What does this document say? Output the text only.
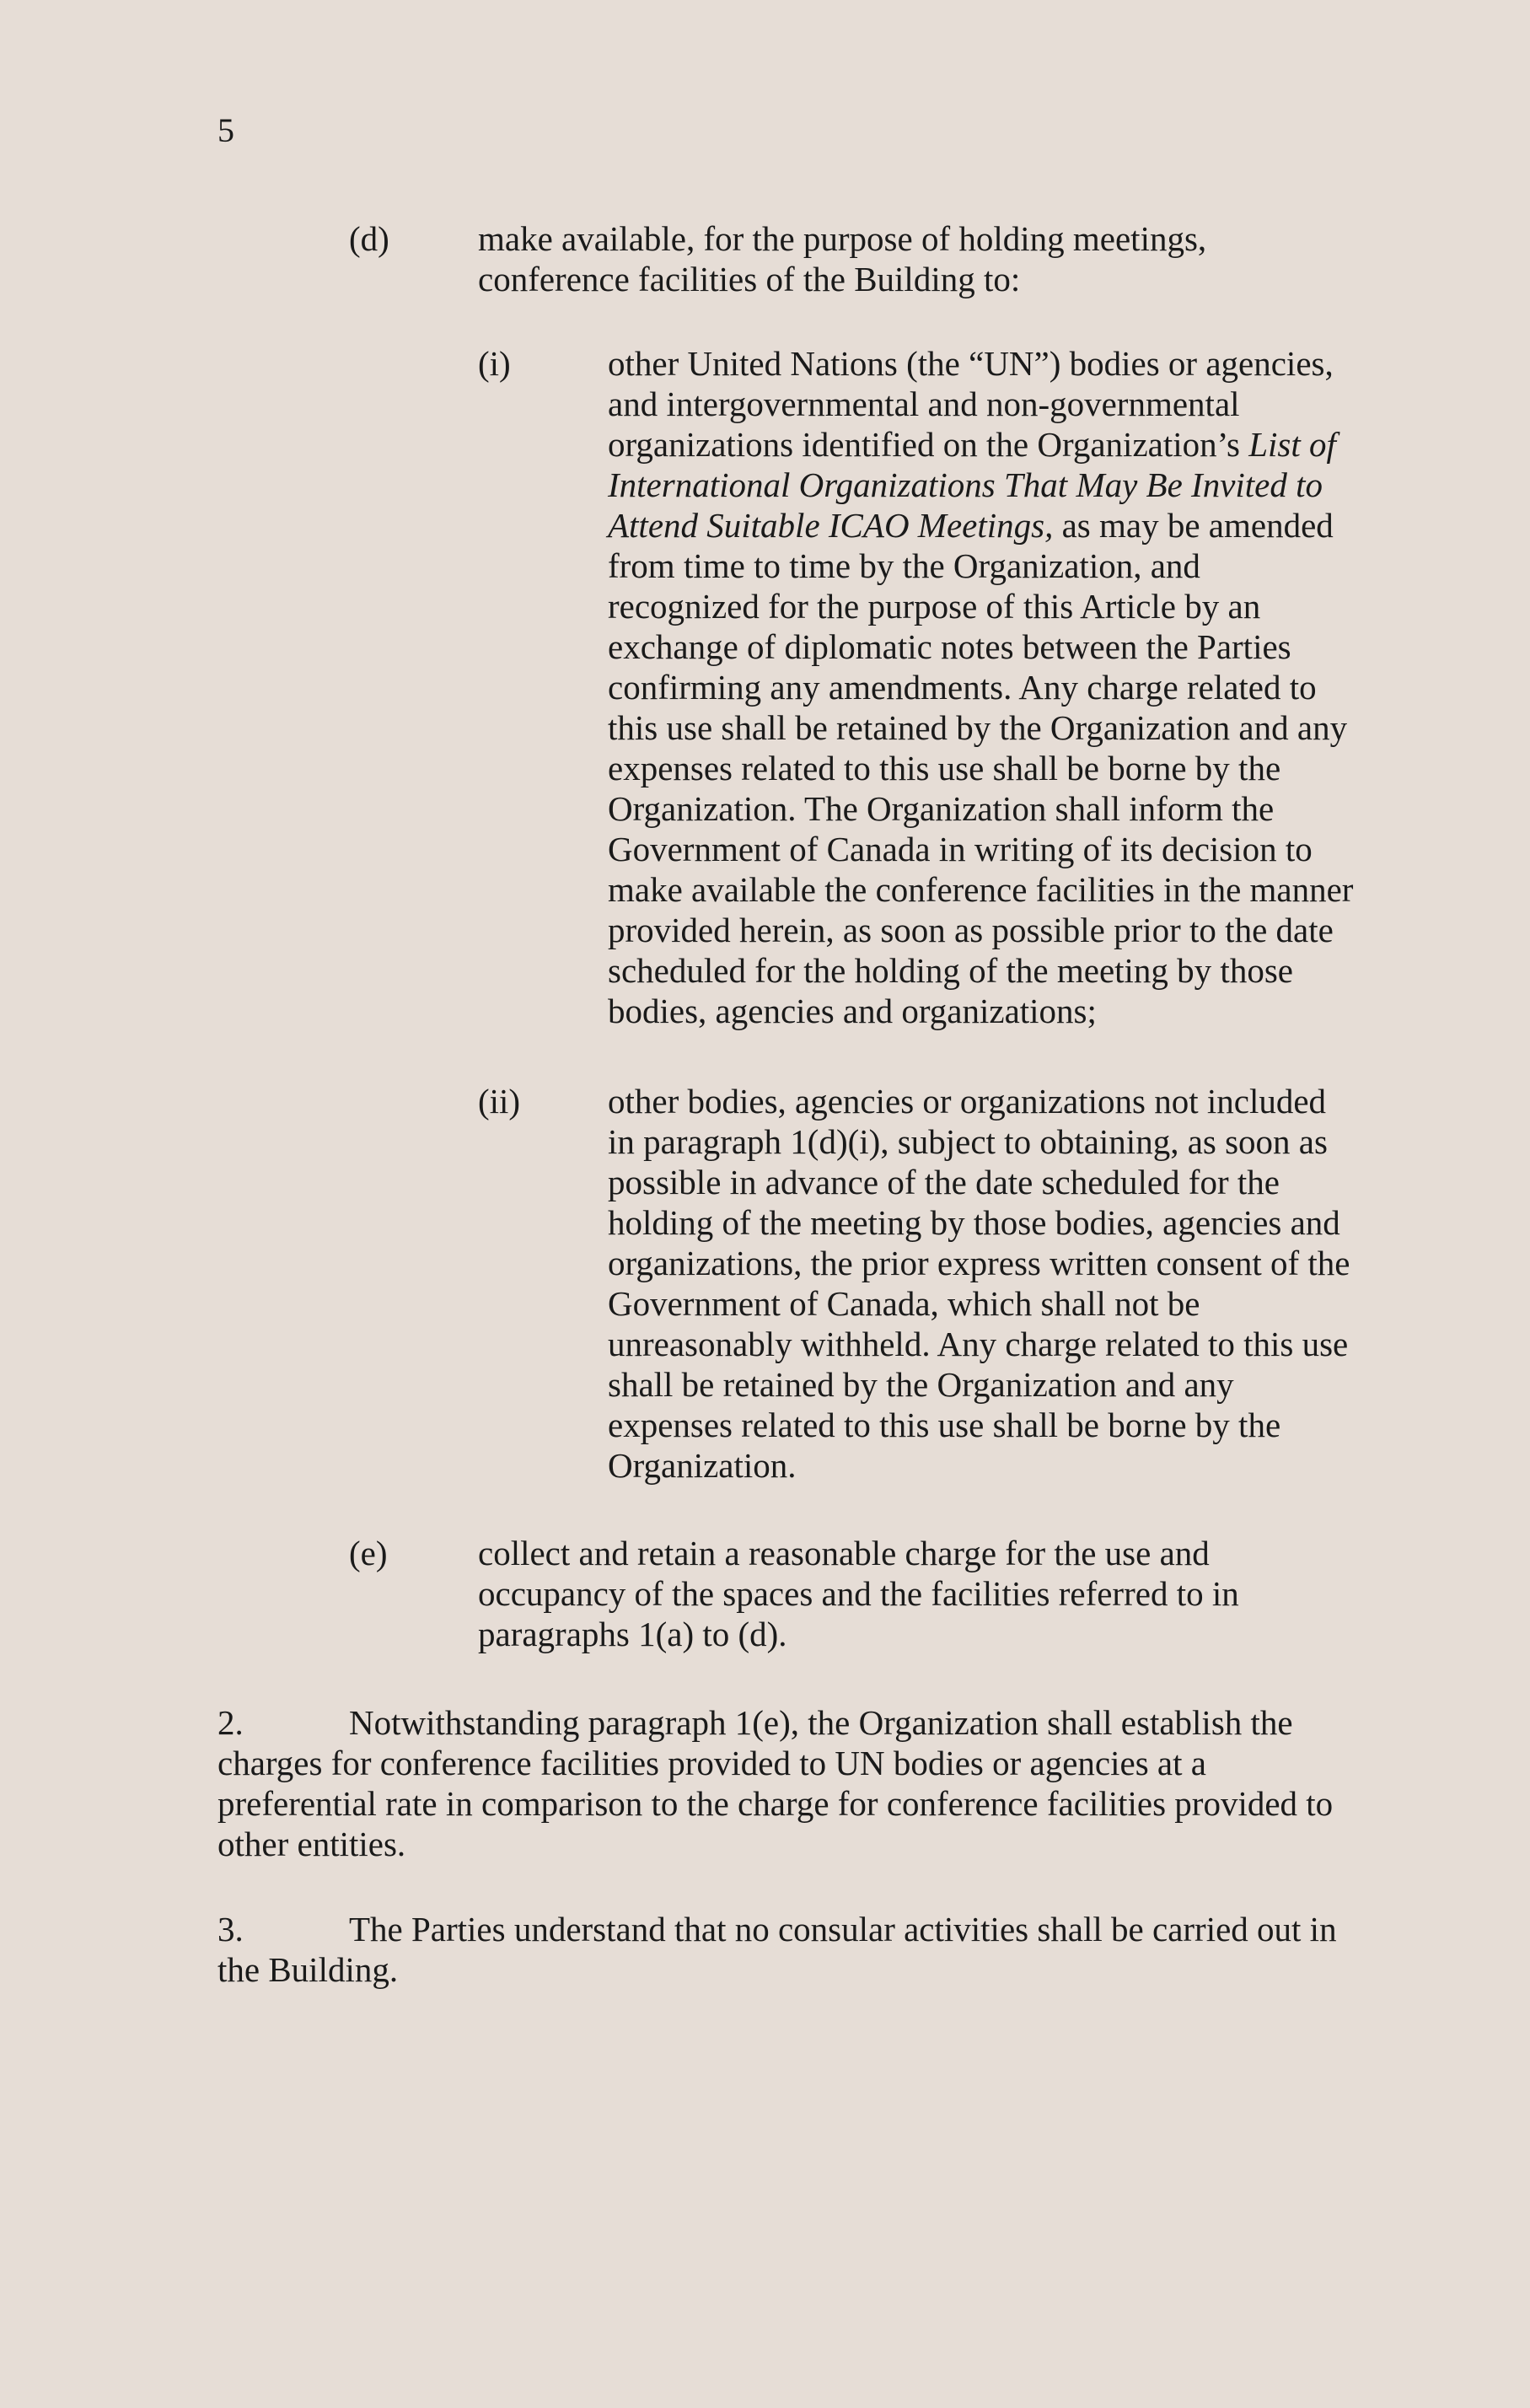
5
(d)	make available, for the purpose of holding meetings,
conference facilities of the Building to:
(i)	other United Nations (the “UN”) bodies or agencies,
and intergovernmental and non-governmental
organizations identified on the Organization’s List of
International Organizations That May Be Invited to
Attend Suitable ICAO Meetings, as may be amended
from time to time by the Organization, and
recognized for the purpose of this Article by an
exchange of diplomatic notes between the Parties
confirming any amendments. Any charge related to
this use shall be retained by the Organization and any
expenses related to this use shall be borne by the
Organization. The Organization shall inform the
Government of Canada in writing of its decision to
make available the conference facilities in the manner
provided herein, as soon as possible prior to the date
scheduled for the holding of the meeting by those
bodies, agencies and organizations;
(ii)	other bodies, agencies or organizations not included
in paragraph 1(d)(i), subject to obtaining, as soon as
possible in advance of the date scheduled for the
holding of the meeting by those bodies, agencies and
organizations, the prior express written consent of the
Government of Canada, which shall not be
unreasonably withheld. Any charge related to this use
shall be retained by the Organization and any
expenses related to this use shall be borne by the
Organization.
(e)	collect and retain a reasonable charge for the use and
occupancy of the spaces and the facilities referred to in
paragraphs 1(a) to (d).
2.	Notwithstanding paragraph 1(e), the Organization shall establish the
charges for conference facilities provided to UN bodies or agencies at a
preferential rate in comparison to the charge for conference facilities provided to
other entities.
3.	The Parties understand that no consular activities shall be carried out in
the Building.
